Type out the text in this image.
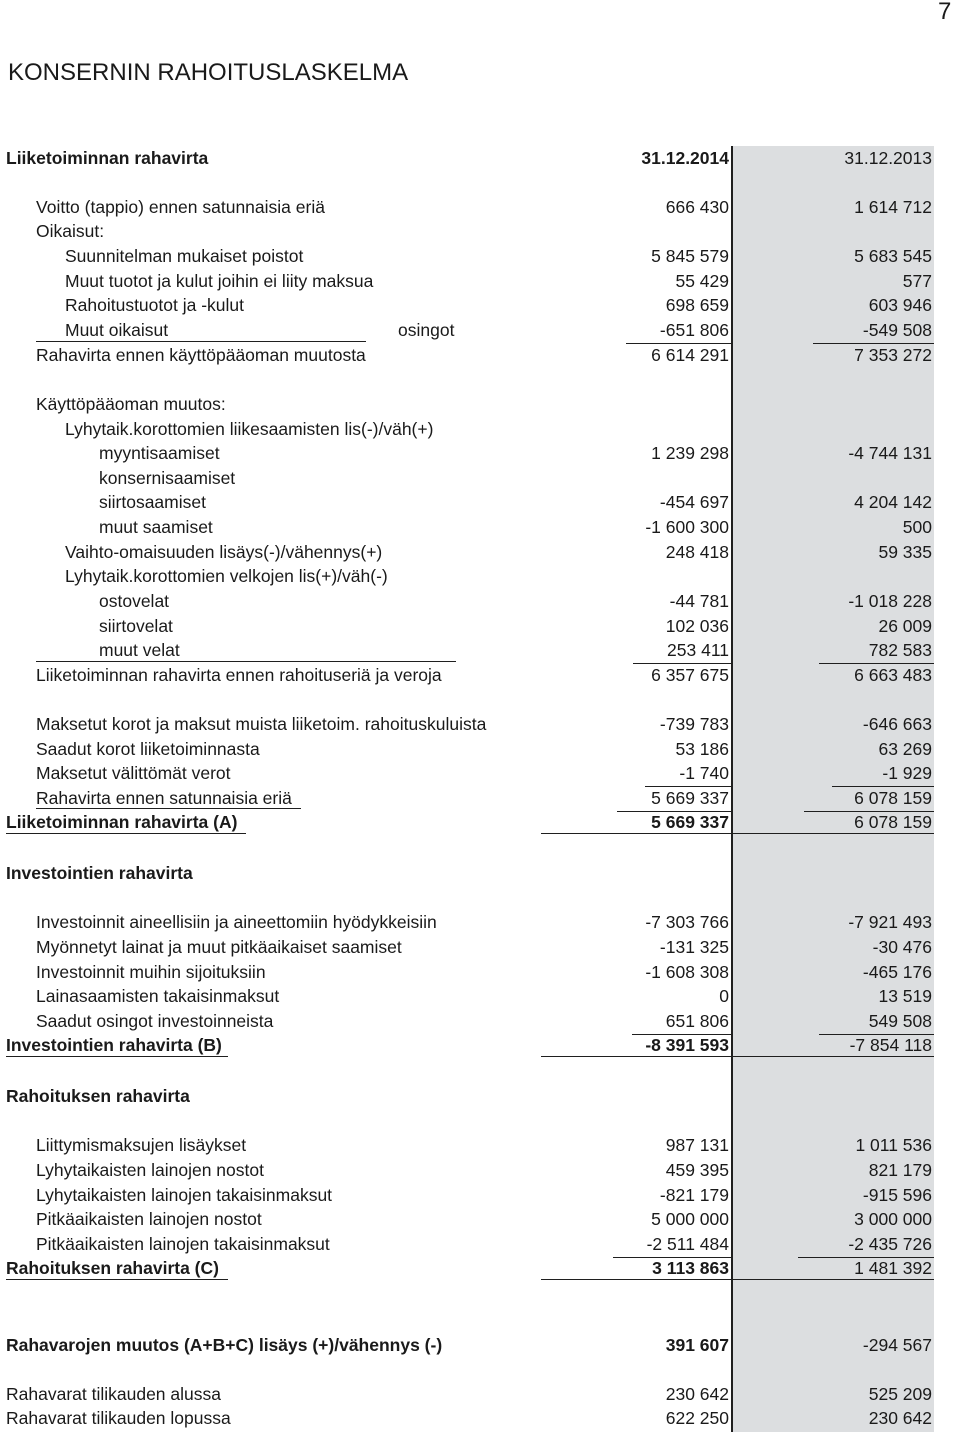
7
KONSERNIN RAHOITUSLASKELMA
Liiketoiminnan rahavirta	31.12.2014	31.12.2013
Voitto (tappio) ennen satunnaisia eriä	666 430	1 614 712
Oikaisut:
Suunnitelman mukaiset poistot	5 845 579	5 683 545
Muut tuotot ja kulut joihin ei liity maksua	55 429	577
Rahoitustuotot ja -kulut	698 659	603 946
Muut oikaisut	osingot	-651 806	-549 508
Rahavirta ennen käyttöpääoman muutosta	6 614 291	7 353 272
Käyttöpääoman muutos:
Lyhytaik.korottomien liikesaamisten lis(-)/väh(+)
myyntisaamiset	1 239 298	-4 744 131
konsernisaamiset
siirtosaamiset	-454 697	4 204 142
muut saamiset	-1 600 300	500
Vaihto-omaisuuden lisäys(-)/vähennys(+)	248 418	59 335
Lyhytaik.korottomien velkojen lis(+)/väh(-)
ostovelat	-44 781	-1 018 228
siirtovelat	102 036	26 009
muut velat	253 411	782 583
Liiketoiminnan rahavirta ennen rahoituseriä ja veroja	6 357 675	6 663 483
Maksetut korot ja maksut muista liiketoim. rahoituskuluista	-739 783	-646 663
Saadut korot liiketoiminnasta	53 186	63 269
Maksetut välittömät verot	-1 740	-1 929
Rahavirta ennen satunnaisia eriä	5 669 337	6 078 159
Liiketoiminnan rahavirta (A)	5 669 337	6 078 159
Investointien rahavirta
Investoinnit aineellisiin ja aineettomiin hyödykkeisiin	-7 303 766	-7 921 493
Myönnetyt lainat ja muut pitkäaikaiset saamiset	-131 325	-30 476
Investoinnit muihin sijoituksiin	-1 608 308	-465 176
Lainasaamisten takaisinmaksut	0	13 519
Saadut osingot investoinneista	651 806	549 508
Investointien rahavirta (B)	-8 391 593	-7 854 118
Rahoituksen rahavirta
Liittymismaksujen lisäykset	987 131	1 011 536
Lyhytaikaisten lainojen nostot	459 395	821 179
Lyhytaikaisten lainojen takaisinmaksut	-821 179	-915 596
Pitkäaikaisten lainojen nostot	5 000 000	3 000 000
Pitkäaikaisten lainojen takaisinmaksut	-2 511 484	-2 435 726
Rahoituksen rahavirta (C)	3 113 863	1 481 392
Rahavarojen muutos (A+B+C) lisäys (+)/vähennys (-)	391 607	-294 567
Rahavarat tilikauden alussa	230 642	525 209
Rahavarat tilikauden lopussa	622 250	230 642
